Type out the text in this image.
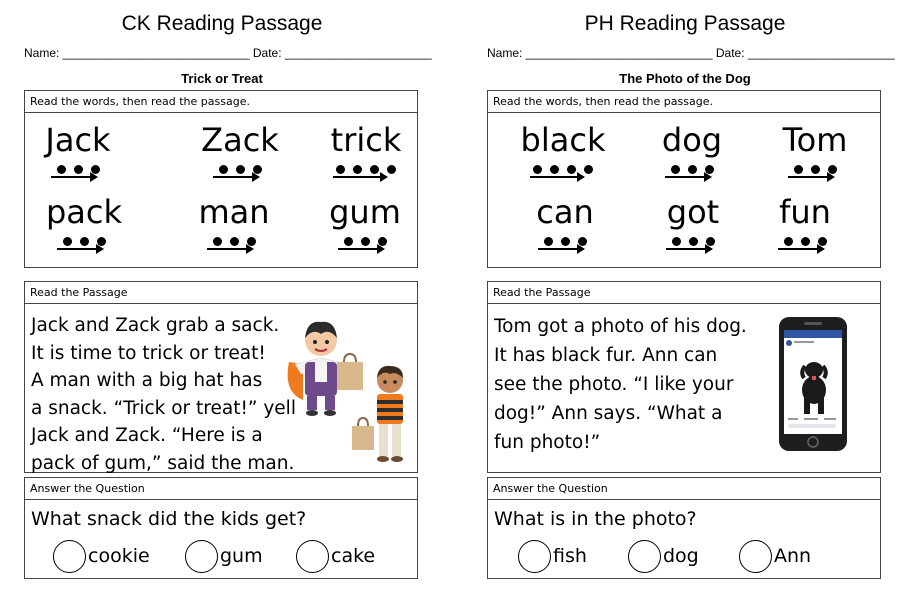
CK Reading Passage
Name: ____________________________ Date: ______________________
Trick or Treat
Read the words, then read the passage.
Jack	Zack	trick
pack	man	gum
Read the Passage
Jack and Zack grab a sack.
It is time to trick or treat!
A man with a big hat has
a snack. “Trick or treat!” yell
Jack and Zack. “Here is a
pack of gum,” said the man.
Answer the Question
What snack did the kids get?
cookie	gum	cake
PH Reading Passage
Name: ____________________________ Date: ______________________
The Photo of the Dog
Read the words, then read the passage.
black	dog	Tom
can	got	fun
Read the Passage
Tom got a photo of his dog.
It has black fur. Ann can
see the photo. “I like your
dog!” Ann says. “What a
fun photo!”
Answer the Question
What is in the photo?
fish	dog	Ann
